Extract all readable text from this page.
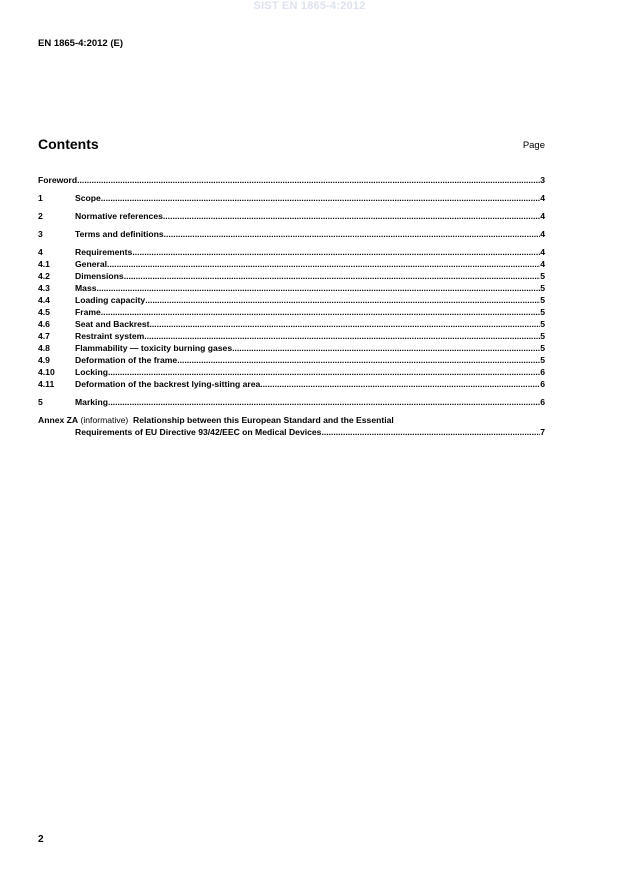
SIST EN 1865-4:2012
EN 1865-4:2012 (E)
Contents	Page
Foreword .....	3
1	Scope .....	4
2	Normative references .....	4
3	Terms and definitions .....	4
4	Requirements .....	4
4.1	General .....	4
4.2	Dimensions .....	5
4.3	Mass .....	5
4.4	Loading capacity .....	5
4.5	Frame .....	5
4.6	Seat and Backrest .....	5
4.7	Restraint system .....	5
4.8	Flammability — toxicity burning gases .....	5
4.9	Deformation of the frame .....	5
4.10	Locking .....	6
4.11	Deformation of the backrest lying-sitting area .....	6
5	Marking .....	6
Annex ZA
(informative)
Relationship between this European Standard and the Essential
Requirements of EU Directive 93/42/EEC on Medical Devices .....	7
2
